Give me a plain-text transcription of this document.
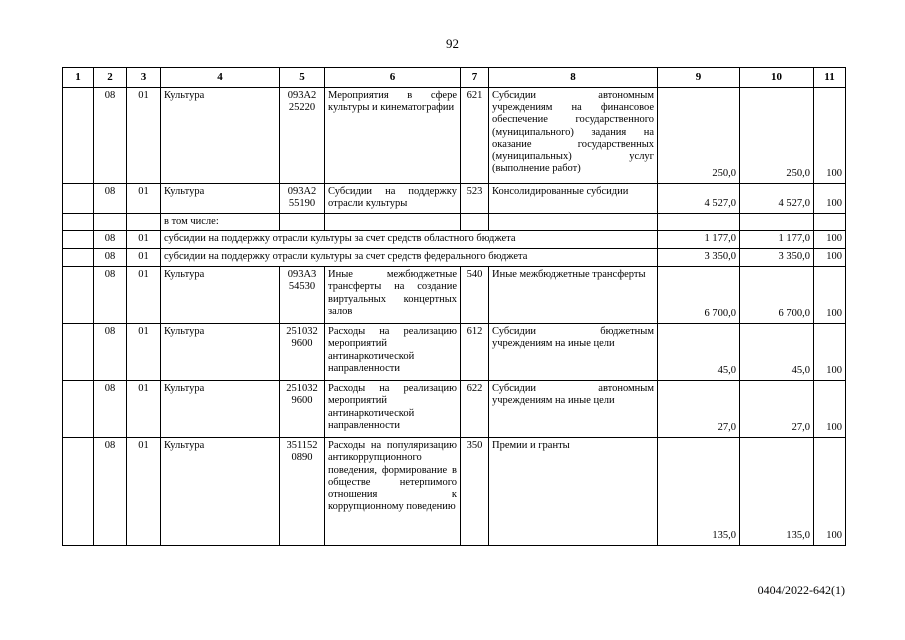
92
1	2	3	4	5	6	7	8	9	10	11
	08	01	Культура	093А2 25220	Мероприятия в сфере культуры и кинематографии	621	Субсидии автономным учреждениям на финансовое обеспечение государственного (муниципального) задания на оказание государственных (муниципальных) услуг (выполнение работ)	250,0	250,0	100
	08	01	Культура	093А2 55190	Субсидии на поддержку отрасли культуры	523	Консолидированные субсидии	4 527,0	4 527,0	100
			в том числе:							
	08	01	субсидии на поддержку отрасли культуры за счет средств областного бюджета					1 177,0	1 177,0	100
	08	01	субсидии на поддержку отрасли культуры за счет средств федерального бюджета					3 350,0	3 350,0	100
	08	01	Культура	093А3 54530	Иные межбюджетные трансферты на создание виртуальных концертных залов	540	Иные межбюджетные трансферты	6 700,0	6 700,0	100
	08	01	Культура	251032 9600	Расходы на реализацию мероприятий антинаркотической направленности	612	Субсидии бюджетным учреждениям на иные цели	45,0	45,0	100
	08	01	Культура	251032 9600	Расходы на реализацию мероприятий антинаркотической направленности	622	Субсидии автономным учреждениям на иные цели	27,0	27,0	100
	08	01	Культура	351152 0890	Расходы на популяризацию антикоррупционного поведения, формирование в обществе нетерпимого отношения к коррупционному поведению	350	Премии и гранты	135,0	135,0	100
0404/2022-642(1)
